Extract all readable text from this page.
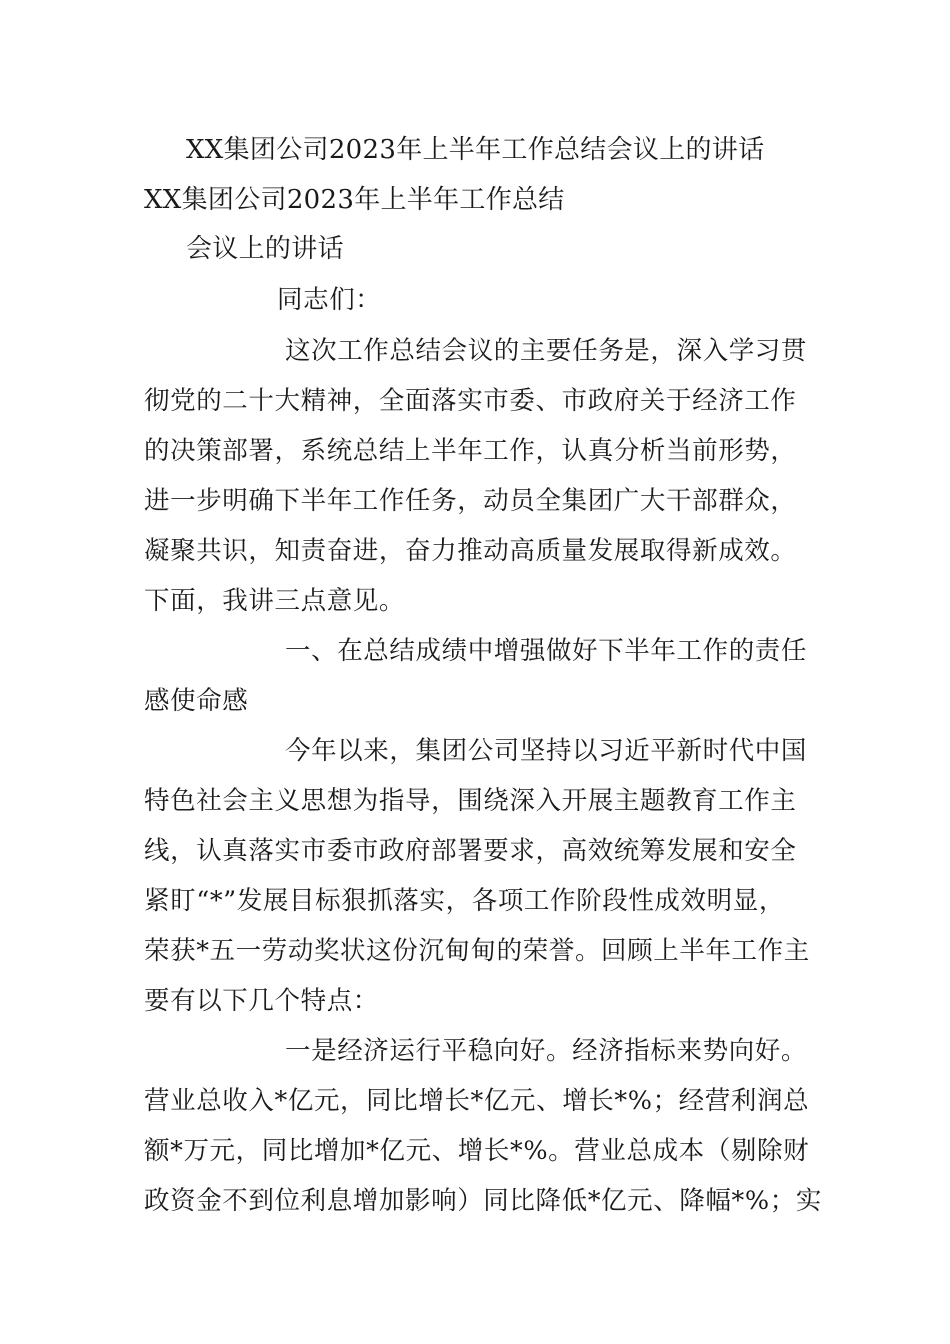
XX集团公司2023年上半年工作总结会议上的讲话
XX集团公司2023年上半年工作总结
会议上的讲话
同志们：
这次工作总结会议的主要任务是，深入学习贯
彻党的二十大精神，全面落实市委、市政府关于经济工作
的决策部署，系统总结上半年工作，认真分析当前形势，
进一步明确下半年工作任务，动员全集团广大干部群众，
凝聚共识，知责奋进，奋力推动高质量发展取得新成效。
下面，我讲三点意见。
一、在总结成绩中增强做好下半年工作的责任
感使命感
今年以来，集团公司坚持以习近平新时代中国
特色社会主义思想为指导，围绕深入开展主题教育工作主
线，认真落实市委市政府部署要求，高效统筹发展和安全
紧盯“*”发展目标狠抓落实，各项工作阶段性成效明显，
荣获*五一劳动奖状这份沉甸甸的荣誉。回顾上半年工作主
要有以下几个特点：
一是经济运行平稳向好。经济指标来势向好。
营业总收入*亿元，同比增长*亿元、增长*%；经营利润总
额*万元，同比增加*亿元、增长*%。营业总成本（剔除财
政资金不到位利息增加影响）同比降低*亿元、降幅*%；实
